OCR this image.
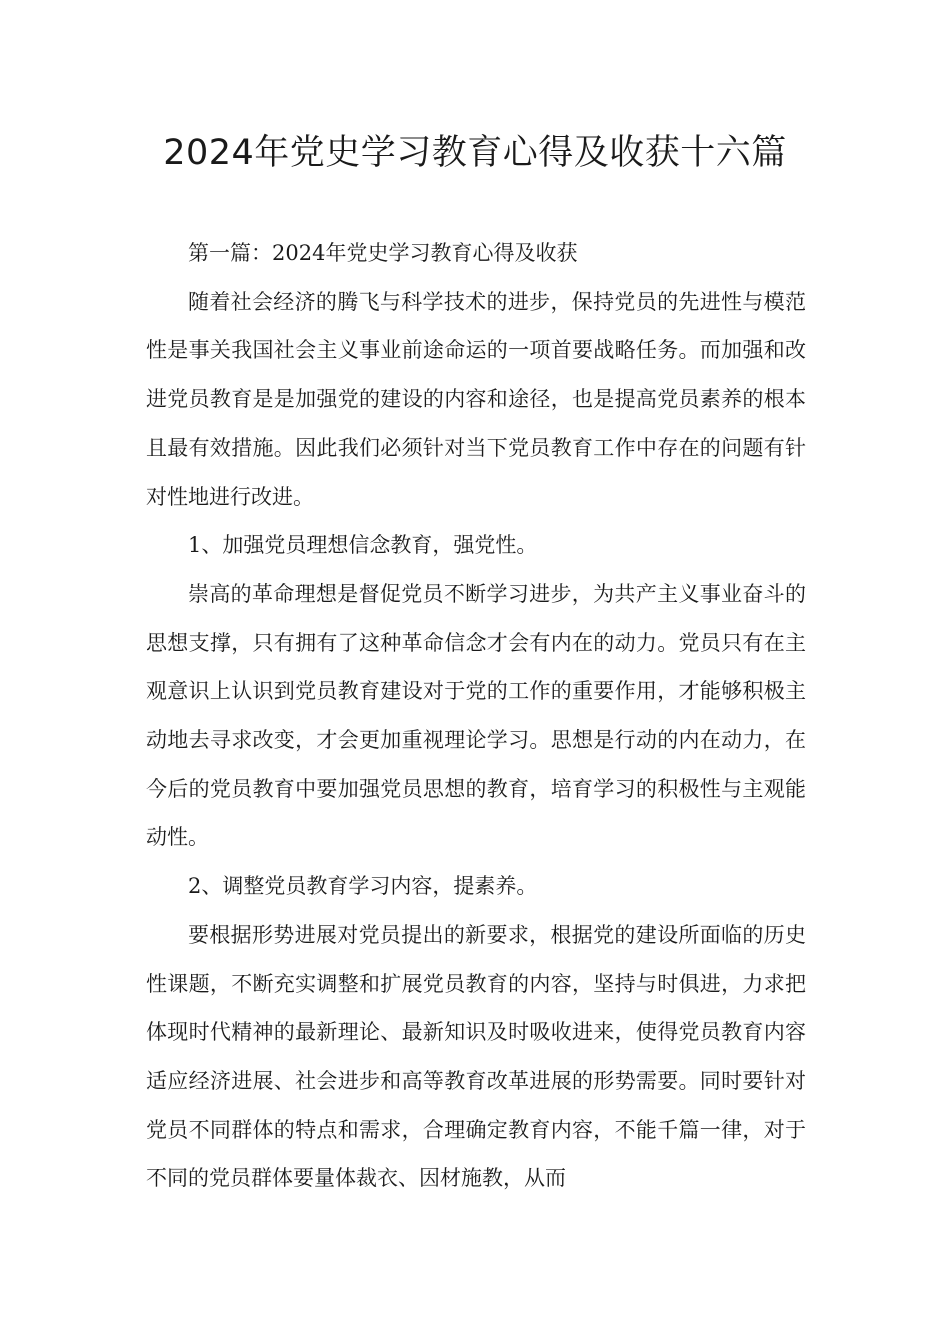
2024年党史学习教育心得及收获十六篇

第一篇：2024年党史学习教育心得及收获

随着社会经济的腾飞与科学技术的进步，保持党员的先进性与模范性是事关我国社会主义事业前途命运的一项首要战略任务。而加强和改进党员教育是是加强党的建设的内容和途径，也是提高党员素养的根本且最有效措施。因此我们必须针对当下党员教育工作中存在的问题有针对性地进行改进。

1、加强党员理想信念教育，强党性。

崇高的革命理想是督促党员不断学习进步，为共产主义事业奋斗的思想支撑，只有拥有了这种革命信念才会有内在的动力。党员只有在主观意识上认识到党员教育建设对于党的工作的重要作用，才能够积极主动地去寻求改变，才会更加重视理论学习。思想是行动的内在动力，在今后的党员教育中要加强党员思想的教育，培育学习的积极性与主观能动性。

2、调整党员教育学习内容，提素养。

要根据形势进展对党员提出的新要求，根据党的建设所面临的历史性课题，不断充实调整和扩展党员教育的内容，坚持与时俱进，力求把体现时代精神的最新理论、最新知识及时吸收进来，使得党员教育内容适应经济进展、社会进步和高等教育改革进展的形势需要。同时要针对党员不同群体的特点和需求，合理确定教育内容，不能千篇一律，对于不同的党员群体要量体裁衣、因材施教，从而
